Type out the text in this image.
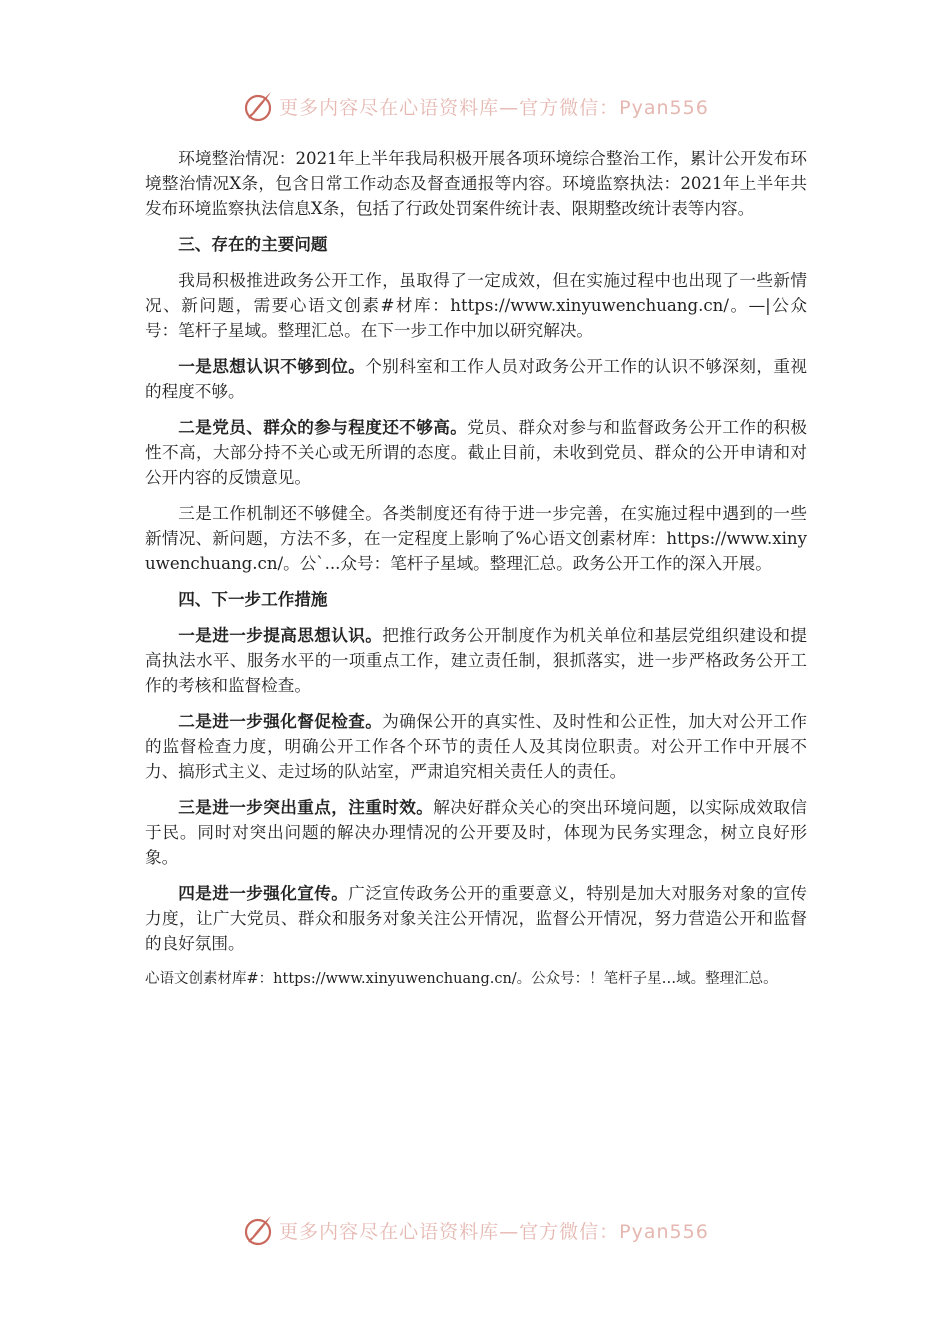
更多内容尽在心语资料库—官方微信：Pyan556

环境整治情况：2021年上半年我局积极开展各项环境综合整治工作，累计公开发布环境整治情况X条，包含日常工作动态及督查通报等内容。环境监察执法：2021年上半年共发布环境监察执法信息X条，包括了行政处罚案件统计表、限期整改统计表等内容。

三、存在的主要问题

我局积极推进政务公开工作，虽取得了一定成效，但在实施过程中也出现了一些新情况、新问题，需要心语文创素#材库：https://www.xinyuwenchuang.cn/。—|公众号：笔杆子星域。整理汇总。在下一步工作中加以研究解决。

一是思想认识不够到位。个别科室和工作人员对政务公开工作的认识不够深刻，重视的程度不够。

二是党员、群众的参与程度还不够高。党员、群众对参与和监督政务公开工作的积极性不高，大部分持不关心或无所谓的态度。截止目前，未收到党员、群众的公开申请和对公开内容的反馈意见。

三是工作机制还不够健全。各类制度还有待于进一步完善，在实施过程中遇到的一些新情况、新问题，方法不多，在一定程度上影响了%心语文创素材库：https://www.xinyuwenchuang.cn/。公`...众号：笔杆子星域。整理汇总。政务公开工作的深入开展。

四、下一步工作措施

一是进一步提高思想认识。把推行政务公开制度作为机关单位和基层党组织建设和提高执法水平、服务水平的一项重点工作，建立责任制，狠抓落实，进一步严格政务公开工作的考核和监督检查。

二是进一步强化督促检查。为确保公开的真实性、及时性和公正性，加大对公开工作的监督检查力度，明确公开工作各个环节的责任人及其岗位职责。对公开工作中开展不力、搞形式主义、走过场的队站室，严肃追究相关责任人的责任。

三是进一步突出重点，注重时效。解决好群众关心的突出环境问题，以实际成效取信于民。同时对突出问题的解决办理情况的公开要及时，体现为民务实理念，树立良好形象。

四是进一步强化宣传。广泛宣传政务公开的重要意义，特别是加大对服务对象的宣传力度，让广大党员、群众和服务对象关注公开情况，监督公开情况，努力营造公开和监督的良好氛围。

心语文创素材库#：https://www.xinyuwenchuang.cn/。公众号：！笔杆子星…域。整理汇总。

更多内容尽在心语资料库—官方微信：Pyan556
